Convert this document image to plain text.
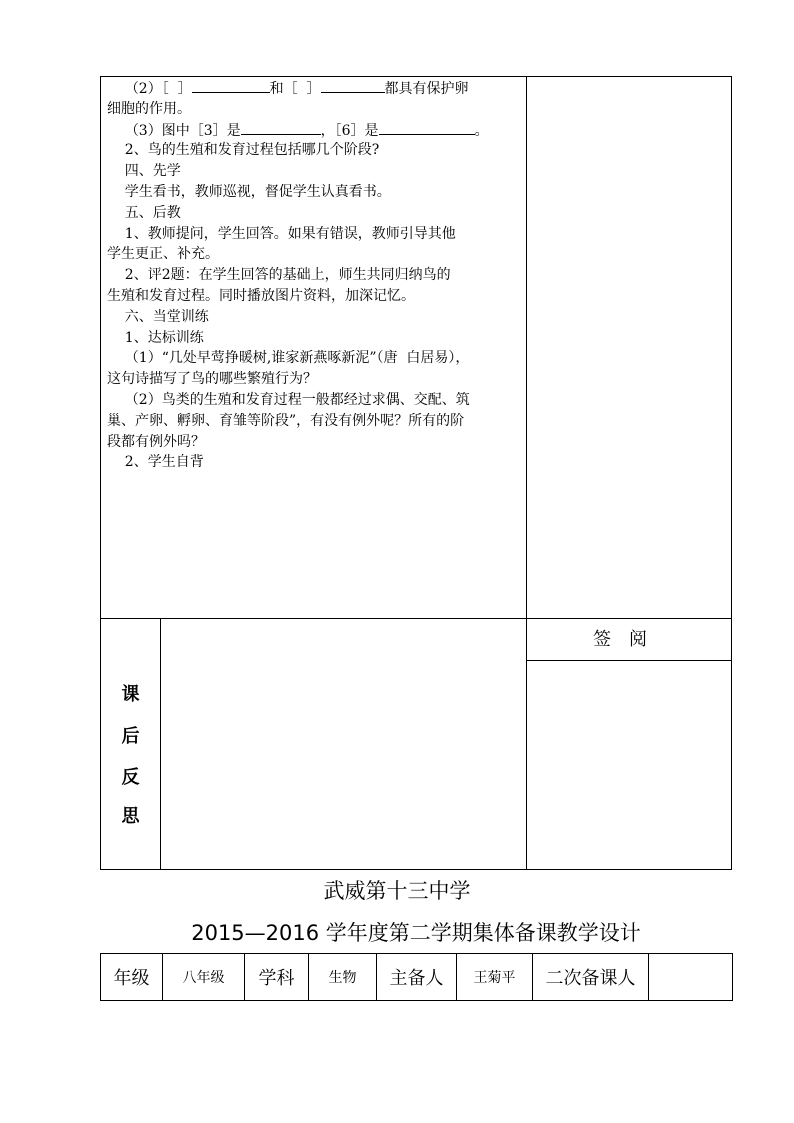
（2）［  ］	和［  ］	都具有保护卵
细胞的作用。
（3）图中［3］是	，［6］是	。
2、鸟的生殖和发育过程包括哪几个阶段?
四、先学
学生看书，教师巡视，督促学生认真看书。
五、后教
1、教师提问，学生回答。如果有错误，教师引导其他
学生更正、补充。
2、评2题：在学生回答的基础上，师生共同归纳鸟的
生殖和发育过程。同时播放图片资料，加深记忆。
六、当堂训练
1、达标训练
（1）“几处早莺挣暖树,谁家新燕啄新泥”（唐  白居易），
这句诗描写了鸟的哪些繁殖行为？
（2）鸟类的生殖和发育过程一般都经过求偶、交配、筑
巢、产卵、孵卵、育雏等阶段”，有没有例外呢？所有的阶
段都有例外吗？
2、学生自背
签阅
课
后
反
思
武威第十三中学
2015—2016 学年度第二学期集体备课教学设计
年级	八年级	学科	生物	主备人	王菊平	二次备课人	
